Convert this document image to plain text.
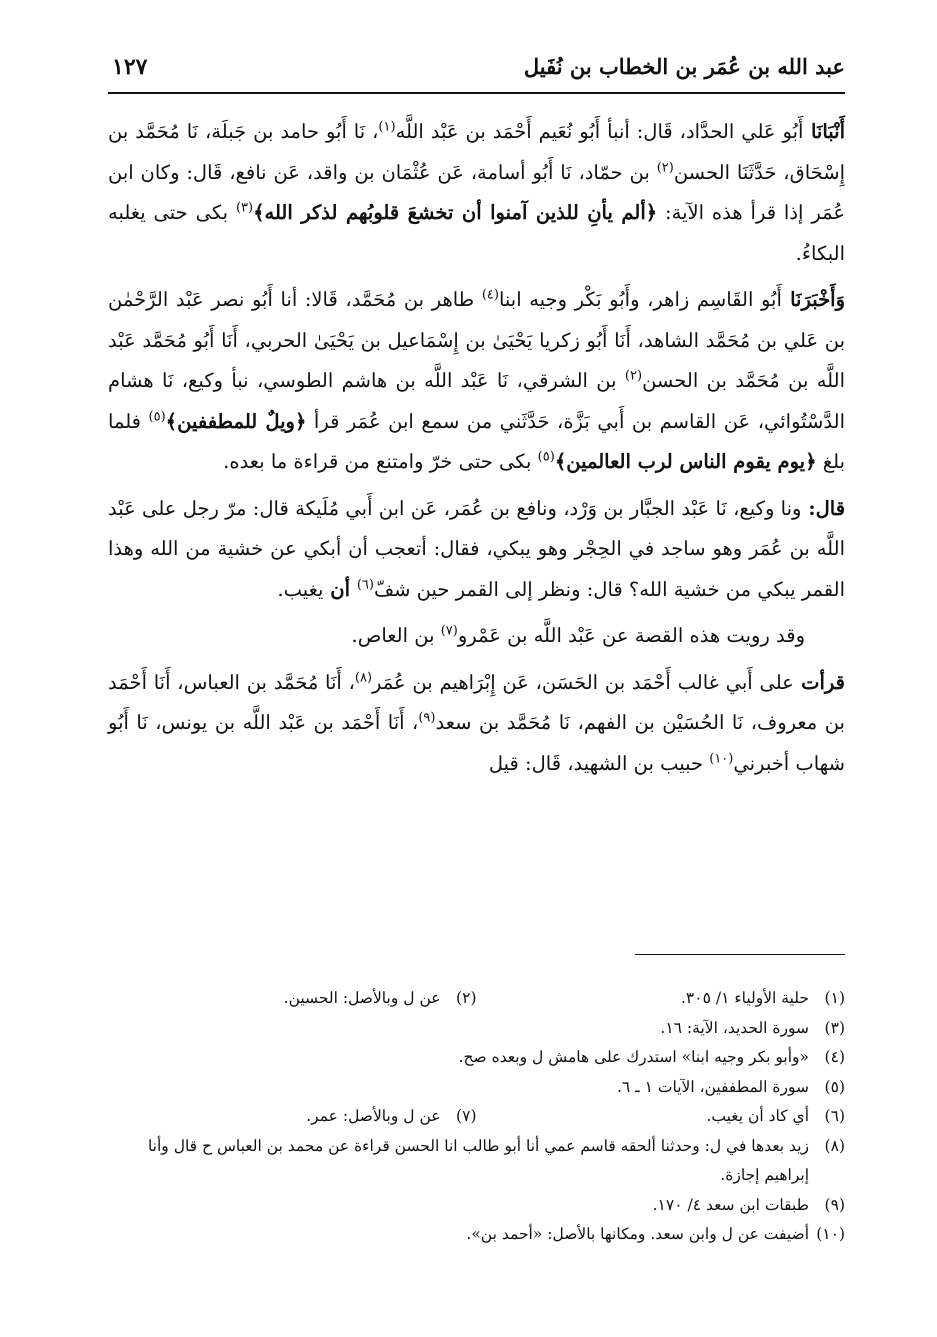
عبد الله بن عُمَر بن الخطاب بن نُفَيل
١٢٧

أَنْبَانَا أَبُو عَلي الحدَّاد، قَال: أنبأ أَبُو نُعَيم أَحْمَد بن عَبْد اللَّه$^{(١)}$، نَا أَبُو حامد بن جَبلَة، نَا مُحَمَّد بن إِسْحَاق، حَدَّثَنَا الحسن$^{(٢)}$ بن حمّاد، نَا أَبُو أسامة، عَن عُثْمَان بن واقد، عَن نافع، قَال: وكان ابن عُمَر إذا قرأ هذه الآية: ﴿ألم يأنِ للذين آمنوا أن تخشعَ قلوبُهم لذكر الله﴾$^{(٣)}$ بكى حتى يغلبه البكاءُ.

وَأَخْبَرَنَا أَبُو القَاسِم زاهر، وأَبُو بَكْر وجيه ابنا$^{(٤)}$ طاهر بن مُحَمَّد، قَالا: أنا أَبُو نصر عَبْد الرَّحْمٰن بن عَلي بن مُحَمَّد الشاهد، أَنَا أَبُو زكريا يَحْيَىٰ بن إِسْمَاعيل بن يَحْيَىٰ الحربي، أَنَا أَبُو مُحَمَّد عَبْد اللَّه بن مُحَمَّد بن الحسن$^{(٢)}$ بن الشرقي، نَا عَبْد اللَّه بن هاشم الطوسي، نبأ وكيع، نَا هشام الدَّسْتُوائي، عَن القاسم بن أَبي بَزَّة، حَدَّثَني من سمع ابن عُمَر قرأ ﴿ويلٌ للمطففين﴾$^{(٥)}$ فلما بلغ ﴿يوم يقوم الناس لرب العالمين﴾$^{(٥)}$ بكى حتى خرّ وامتنع من قراءة ما بعده.

قال: ونا وكيع، نَا عَبْد الجبَّار بن وَرْد، ونافع بن عُمَر، عَن ابن أَبي مُلَيكة قال: مرّ رجل على عَبْد اللَّه بن عُمَر وهو ساجد في الحِجْر وهو يبكي، فقال: أتعجب أن أبكي عن خشية من الله وهذا القمر يبكي من خشية الله؟ قال: ونظر إلى القمر حين شفّ$^{(٦)}$ أن يغيب.

وقد رويت هذه القصة عن عَبْد اللَّه بن عَمْرو$^{(٧)}$ بن العاص.

قرأت على أَبي غالب أَحْمَد بن الحَسَن، عَن إِبْرَاهيم بن عُمَر$^{(٨)}$، أَنَا مُحَمَّد بن العباس، أَنَا أَحْمَد بن معروف، نَا الحُسَيْن بن الفهم، نَا مُحَمَّد بن سعد$^{(٩)}$، أَنَا أَحْمَد بن عَبْد اللَّه بن يونس، نَا أَبُو شهاب أخبرني$^{(١٠)}$ حبيب بن الشهيد، قَال: قيل

(١)
حلية الأولياء ١/ ٣٠٥.
(٢)
عن ل وبالأصل: الحسين.
(٣)
سورة الحديد، الآية: ١٦.
(٤)
«وأبو بكر وجيه ابنا» استدرك على هامش ل وبعده صح.
(٥)
سورة المطففين، الآيات ١ ـ ٦.
(٦)
أي كاد أن يغيب.
(٧)
عن ل وبالأصل: عمر.
(٨)
زيد بعدها في ل: وحدثنا ألحقه قاسم عمي أنا أبو طالب انا الحسن قراءة عن محمد بن العباس ح قال وأنا إبراهيم إجازة.
(٩)
طبقات ابن سعد ٤/ ١٧٠.
(١٠)
أضيفت عن ل وابن سعد. ومكانها بالأصل: «أحمد بن».
